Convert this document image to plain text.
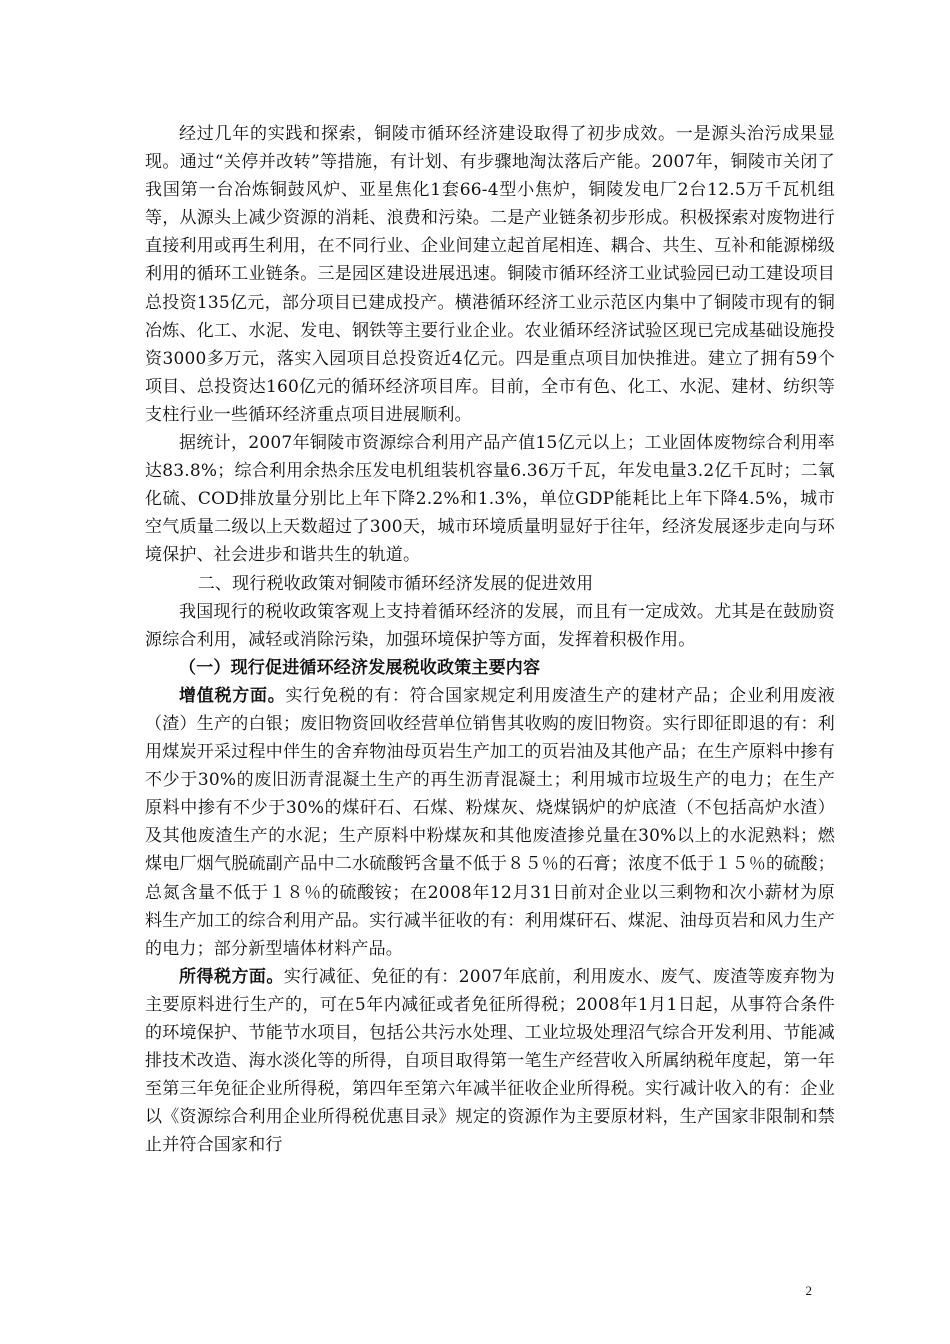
经过几年的实践和探索，铜陵市循环经济建设取得了初步成效。一是源头治污成果显现。通过“关停并改转”等措施，有计划、有步骤地淘汰落后产能。2007年，铜陵市关闭了我国第一台冶炼铜鼓风炉、亚星焦化1套66-4型小焦炉，铜陵发电厂2台12.5万千瓦机组等，从源头上减少资源的消耗、浪费和污染。二是产业链条初步形成。积极探索对废物进行直接利用或再生利用，在不同行业、企业间建立起首尾相连、耦合、共生、互补和能源梯级利用的循环工业链条。三是园区建设进展迅速。铜陵市循环经济工业试验园已动工建设项目总投资135亿元，部分项目已建成投产。横港循环经济工业示范区内集中了铜陵市现有的铜冶炼、化工、水泥、发电、钢铁等主要行业企业。农业循环经济试验区现已完成基础设施投资3000多万元，落实入园项目总投资近4亿元。四是重点项目加快推进。建立了拥有59个项目、总投资达160亿元的循环经济项目库。目前，全市有色、化工、水泥、建材、纺织等支柱行业一些循环经济重点项目进展顺利。

据统计，2007年铜陵市资源综合利用产品产值15亿元以上；工业固体废物综合利用率达83.8%；综合利用余热余压发电机组装机容量6.36万千瓦，年发电量3.2亿千瓦时；二氧化硫、COD排放量分别比上年下降2.2%和1.3%，单位GDP能耗比上年下降4.5%，城市空气质量二级以上天数超过了300天，城市环境质量明显好于往年，经济发展逐步走向与环境保护、社会进步和谐共生的轨道。

二、现行税收政策对铜陵市循环经济发展的促进效用

我国现行的税收政策客观上支持着循环经济的发展，而且有一定成效。尤其是在鼓励资源综合利用，减轻或消除污染，加强环境保护等方面，发挥着积极作用。

（一）现行促进循环经济发展税收政策主要内容

增值税方面。实行免税的有：符合国家规定利用废渣生产的建材产品；企业利用废液（渣）生产的白银；废旧物资回收经营单位销售其收购的废旧物资。实行即征即退的有：利用煤炭开采过程中伴生的舍弃物油母页岩生产加工的页岩油及其他产品；在生产原料中掺有不少于30%的废旧沥青混凝土生产的再生沥青混凝土；利用城市垃圾生产的电力；在生产原料中掺有不少于30%的煤矸石、石煤、粉煤灰、烧煤锅炉的炉底渣（不包括高炉水渣）及其他废渣生产的水泥；生产原料中粉煤灰和其他废渣掺兑量在30%以上的水泥熟料；燃煤电厂烟气脱硫副产品中二水硫酸钙含量不低于８５％的石膏；浓度不低于１５％的硫酸；总氮含量不低于１８％的硫酸铵；在2008年12月31日前对企业以三剩物和次小薪材为原料生产加工的综合利用产品。实行减半征收的有：利用煤矸石、煤泥、油母页岩和风力生产的电力；部分新型墙体材料产品。

所得税方面。实行减征、免征的有：2007年底前，利用废水、废气、废渣等废弃物为主要原料进行生产的，可在5年内减征或者免征所得税；2008年1月1日起，从事符合条件的环境保护、节能节水项目，包括公共污水处理、工业垃圾处理沼气综合开发利用、节能减排技术改造、海水淡化等的所得，自项目取得第一笔生产经营收入所属纳税年度起，第一年至第三年免征企业所得税，第四年至第六年减半征收企业所得税。实行减计收入的有：企业以《资源综合利用企业所得税优惠目录》规定的资源作为主要原材料，生产国家非限制和禁止并符合国家和行

2
